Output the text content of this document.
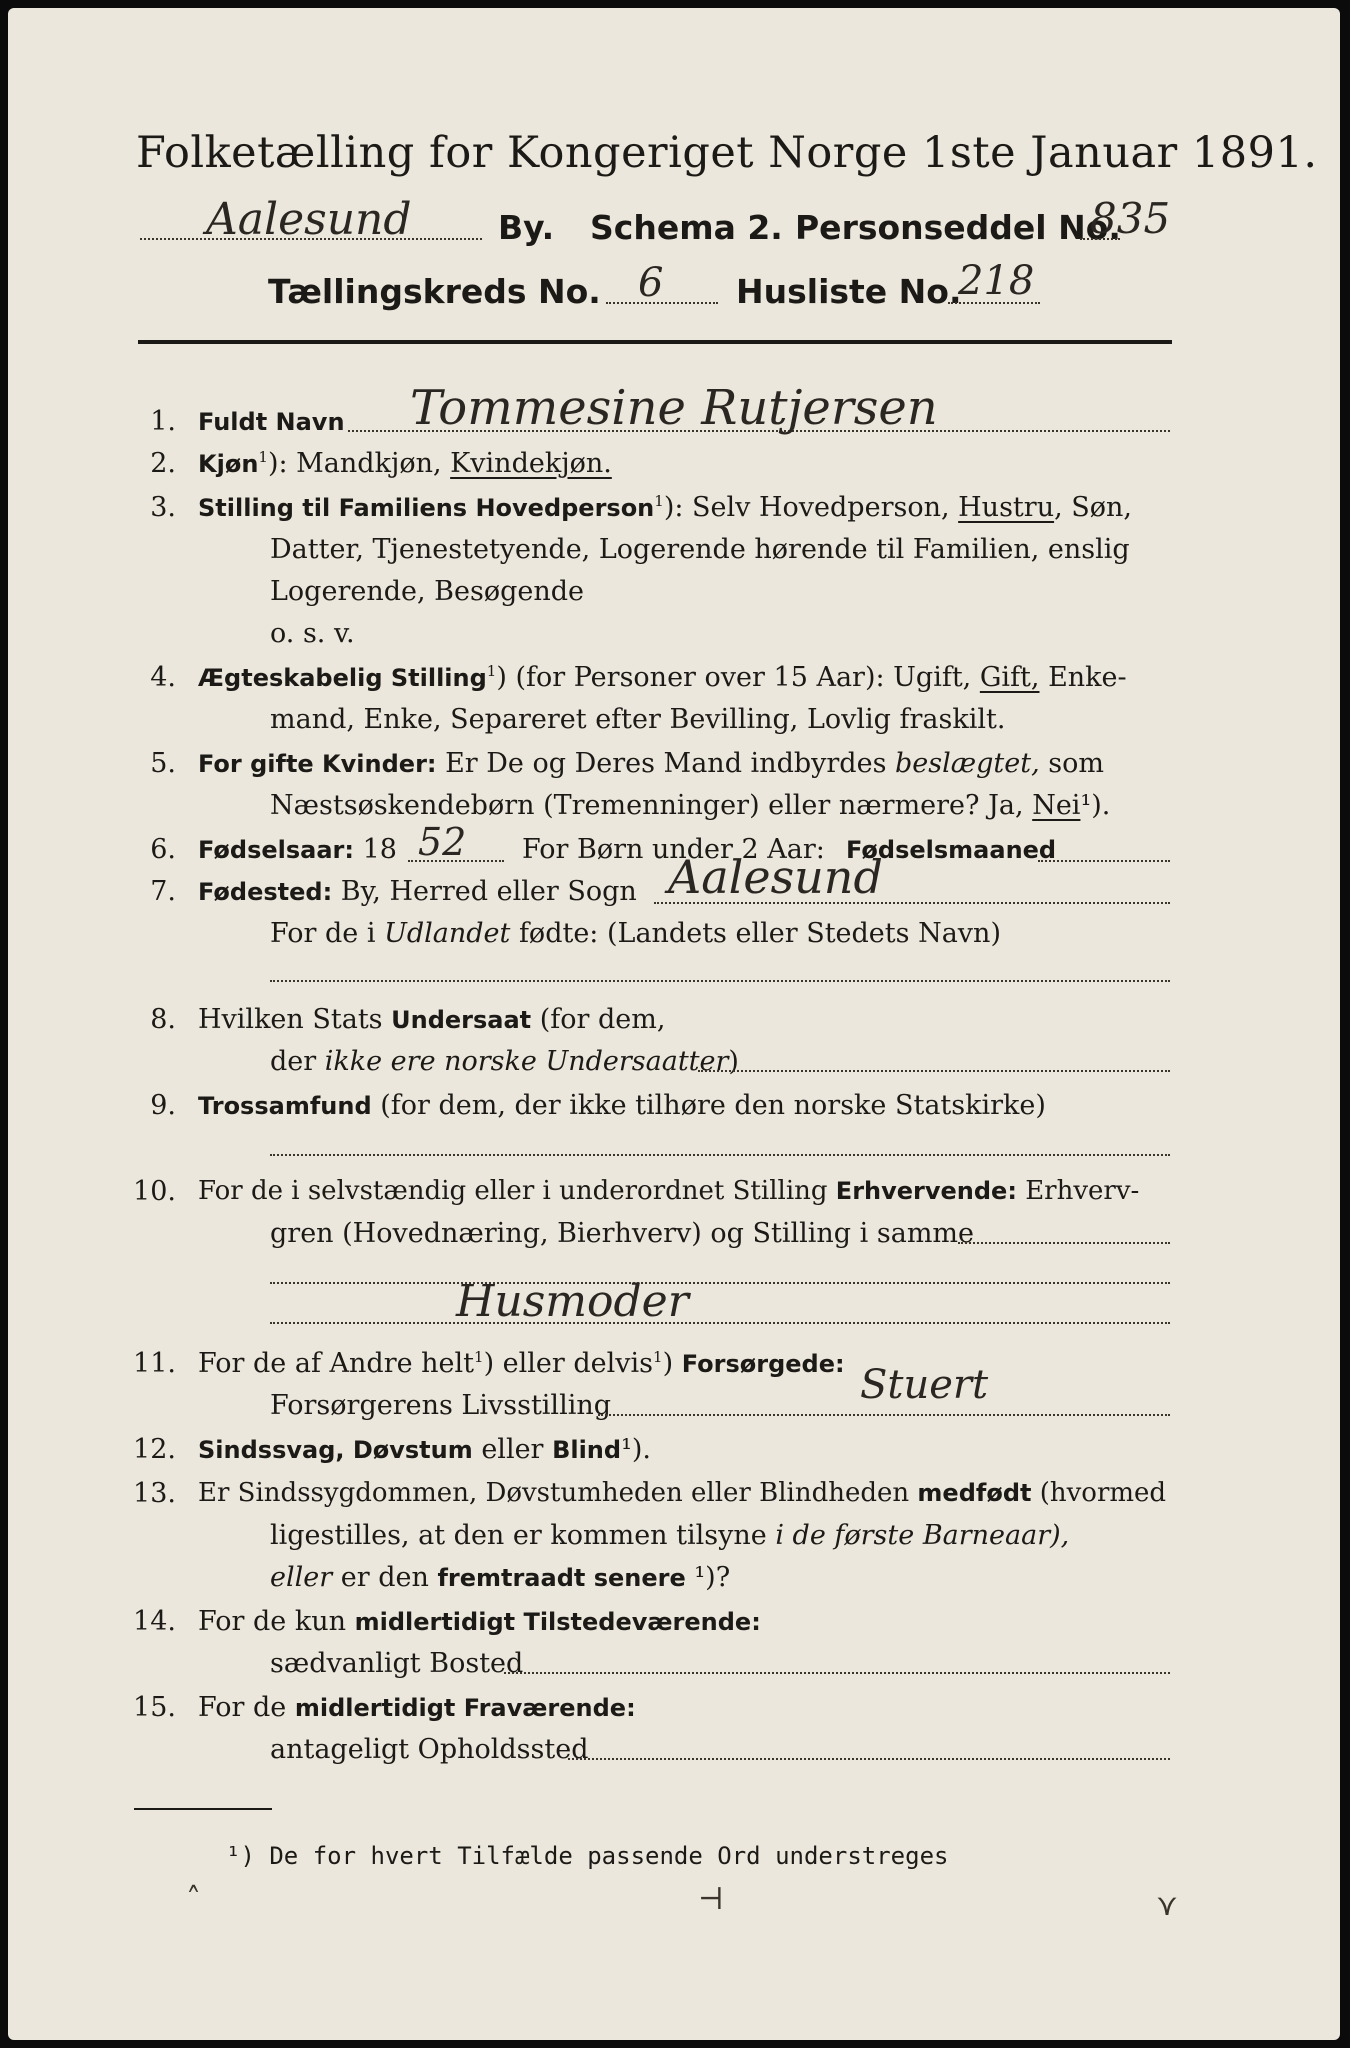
Folketælling for Kongeriget Norge 1ste Januar 1891.
Aalesund	By. Schema 2. Personseddel No.
835
Tællingskreds No. 6 Husliste No.
218
1. Fuldt Navn Tommesine Rutjersen
2. Kjøn$^1$): Mandkjøn, Kvindekjøn.
3. Stilling til Familiens Hovedperson$^1$): Selv Hovedperson, Hustru, Søn,
Datter, Tjenestetyende, Logerende hørende til Familien, enslig
Logerende, Besøgende
o. s. v.
4. Ægteskabelig Stilling$^1$) (for Personer over 15 Aar): Ugift, Gift, Enke-
mand, Enke, Separeret efter Bevilling, Lovlig fraskilt.
5. For gifte Kvinder: Er De og Deres Mand indbyrdes beslægtet, som
Næstsøskendebørn (Tremenninger) eller nærmere? Ja, Nei¹).
6. Fødselsaar: 18 52 For Børn under 2 Aar: Fødselsmaaned
7. Fødested: By, Herred eller Sogn Aalesund
For de i Udlandet fødte: (Landets eller Stedets Navn)
8. Hvilken Stats Undersaat (for dem,
der ikke ere norske Undersaatter)
9. Trossamfund (for dem, der ikke tilhøre den norske Statskirke)
10. For de i selvstændig eller i underordnet Stilling Erhvervende: Erhverv-
gren (Hovednæring, Bierhverv) og Stilling i samme
Husmoder
11. For de af Andre helt$^1$) eller delvis$^1$) Forsørgede:
Forsørgerens Livsstilling	Stuert
12. Sindssvag, Døvstum eller Blind¹).
13. Er Sindssygdommen, Døvstumheden eller Blindheden medfødt (hvormed
ligestilles, at den er kommen tilsyne i de første Barneaar),
eller er den fremtraadt senere ¹)?
14. For de kun midlertidigt Tilstedeværende:
sædvanligt Bosted
15. For de midlertidigt Fraværende:
antageligt Opholdssted
¹) De for hvert Tilfælde passende Ord understreges
˄	⊣	⋎
